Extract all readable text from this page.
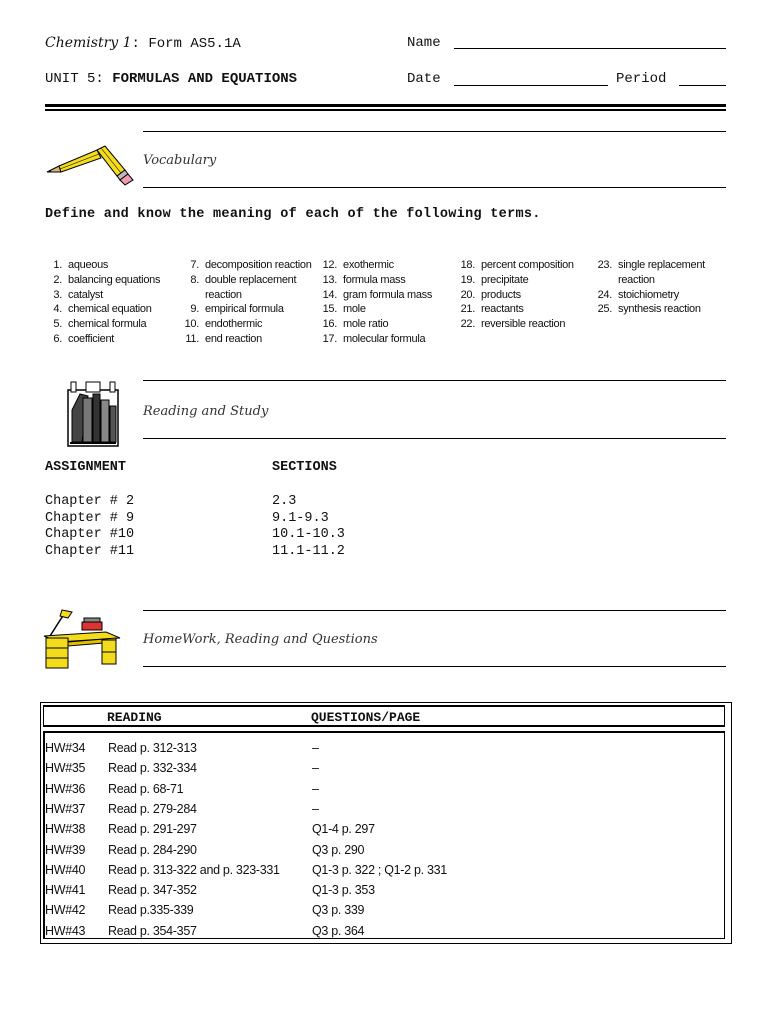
Chemistry 1: Form AS5.1A	Name
UNIT 5: FORMULAS AND EQUATIONS	Date	Period
Vocabulary
Define and know the meaning of each of the following terms.
1. aqueous
2. balancing equations
3. catalyst
4. chemical equation
5. chemical formula
6. coefficient
7. decomposition reaction
8. double replacement
reaction
9. empirical formula
10. endothermic
11. end reaction
12. exothermic
13. formula mass
14. gram formula mass
15. mole
16. mole ratio
17. molecular formula
18. percent composition
19. precipitate
20. products
21. reactants
22. reversible reaction
23. single replacement
reaction
24. stoichiometry
25. synthesis reaction
Reading and Study
ASSIGNMENT	SECTIONS
Chapter # 2	2.3
Chapter # 9	9.1-9.3
Chapter #10	10.1-10.3
Chapter #11	11.1-11.2
HomeWork, Reading and Questions
READING	QUESTIONS/PAGE
HW#34 Read p. 312-313	–
HW#35 Read p. 332-334	–
HW#36 Read p. 68-71	–
HW#37 Read p. 279-284	–
HW#38 Read p. 291-297	Q1-4 p. 297
HW#39 Read p. 284-290	Q3 p. 290
HW#40 Read p. 313-322 and p. 323-331	Q1-3 p. 322 ; Q1-2 p. 331
HW#41 Read p. 347-352	Q1-3 p. 353
HW#42 Read p.335-339	Q3 p. 339
HW#43 Read p. 354-357	Q3 p. 364
